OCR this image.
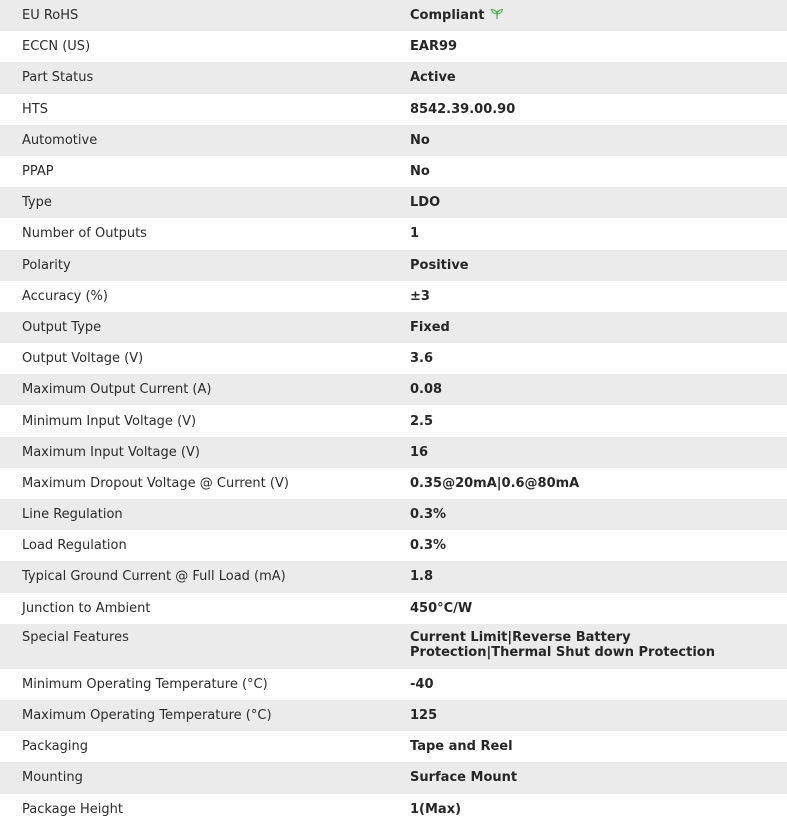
EU RoHS	Compliant
ECCN (US)	EAR99
Part Status	Active
HTS	8542.39.00.90
Automotive	No
PPAP	No
Type	LDO
Number of Outputs	1
Polarity	Positive
Accuracy (%)	±3
Output Type	Fixed
Output Voltage (V)	3.6
Maximum Output Current (A)	0.08
Minimum Input Voltage (V)	2.5
Maximum Input Voltage (V)	16
Maximum Dropout Voltage @ Current (V)	0.35@20mA|0.6@80mA
Line Regulation	0.3%
Load Regulation	0.3%
Typical Ground Current @ Full Load (mA)	1.8
Junction to Ambient	450°C/W
Special Features	Current Limit|Reverse Battery Protection|Thermal Shut down Protection
Minimum Operating Temperature (°C)	-40
Maximum Operating Temperature (°C)	125
Packaging	Tape and Reel
Mounting	Surface Mount
Package Height	1(Max)
